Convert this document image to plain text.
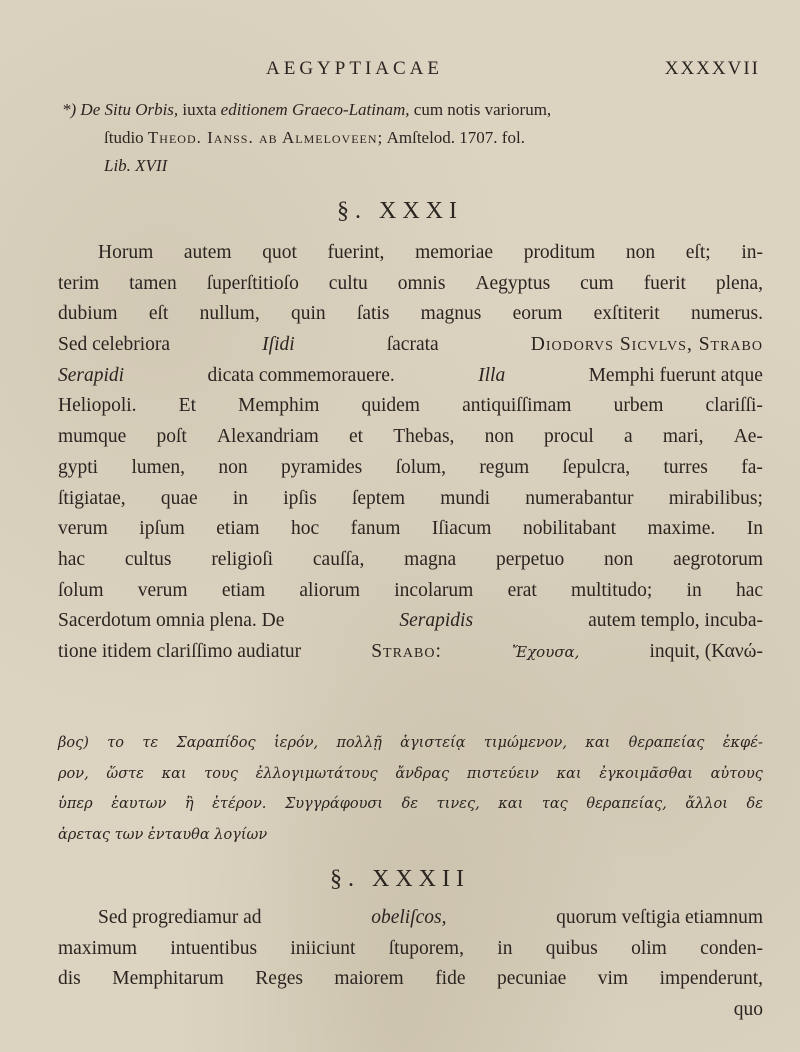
AEGYPTIACAE	XXXXVII
*) De Situ Orbis, iuxta editionem Graeco-Latinam, cum notis variorum,
ſtudio Theod. Ianss. ab Almeloveen; Amſtelod. 1707. fol.
Lib. XVII
§. XXXI
Horum autem quot fuerint, memoriae proditum non eſt; in-
terim tamen ſuperſtitioſo cultu omnis Aegyptus cum fuerit plena,
dubium eſt nullum, quin ſatis magnus eorum exſtiterit numerus.
Sed celebriora	Iſidi	ſacrata	Diodorvs Sicvlvs, Strabo
Serapidi	dicata commemorauere.	Illa	Memphi fuerunt atque
Heliopoli. Et Memphim quidem antiquiſſimam urbem clariſſi-
mumque poſt Alexandriam et Thebas, non procul a mari, Ae-
gypti lumen, non pyramides ſolum, regum ſepulcra, turres fa-
ſtigiatae, quae in ipſis ſeptem mundi numerabantur mirabilibus;
verum ipſum etiam hoc fanum Iſiacum nobilitabant maxime. In
hac cultus religioſi cauſſa, magna perpetuo non aegrotorum
ſolum verum etiam aliorum incolarum erat multitudo; in hac
Sacerdotum omnia plena. De	Serapidis	autem templo, incuba-
tione itidem clariſſimo audiatur	Strabo:	Ἔχουσα,	inquit, (Κανώ-
βος) το τε Σαραπίδος ἱερόν, πολλῇ ἁγιστείᾳ τιμώμενον, και θεραπείας ἐκφέ-
ρον, ὥστε και τους ἐλλογιμωτάτους ἄνδρας πιστεύειν και ἐγκοιμᾶσθαι αὐτους
ὑπερ ἑαυτων ἢ ἑτέρον. Συγγράφουσι δε τινες, και τας θεραπείας, ἄλλοι δε
ἀρετας των ἐνταυθα λογίων
§. XXXII
Sed progrediamur ad	obeliſcos,	quorum veſtigia etiamnum
maximum intuentibus iniiciunt ſtuporem, in quibus olim conden-
dis Memphitarum Reges maiorem fide pecuniae vim impenderunt,
quo
